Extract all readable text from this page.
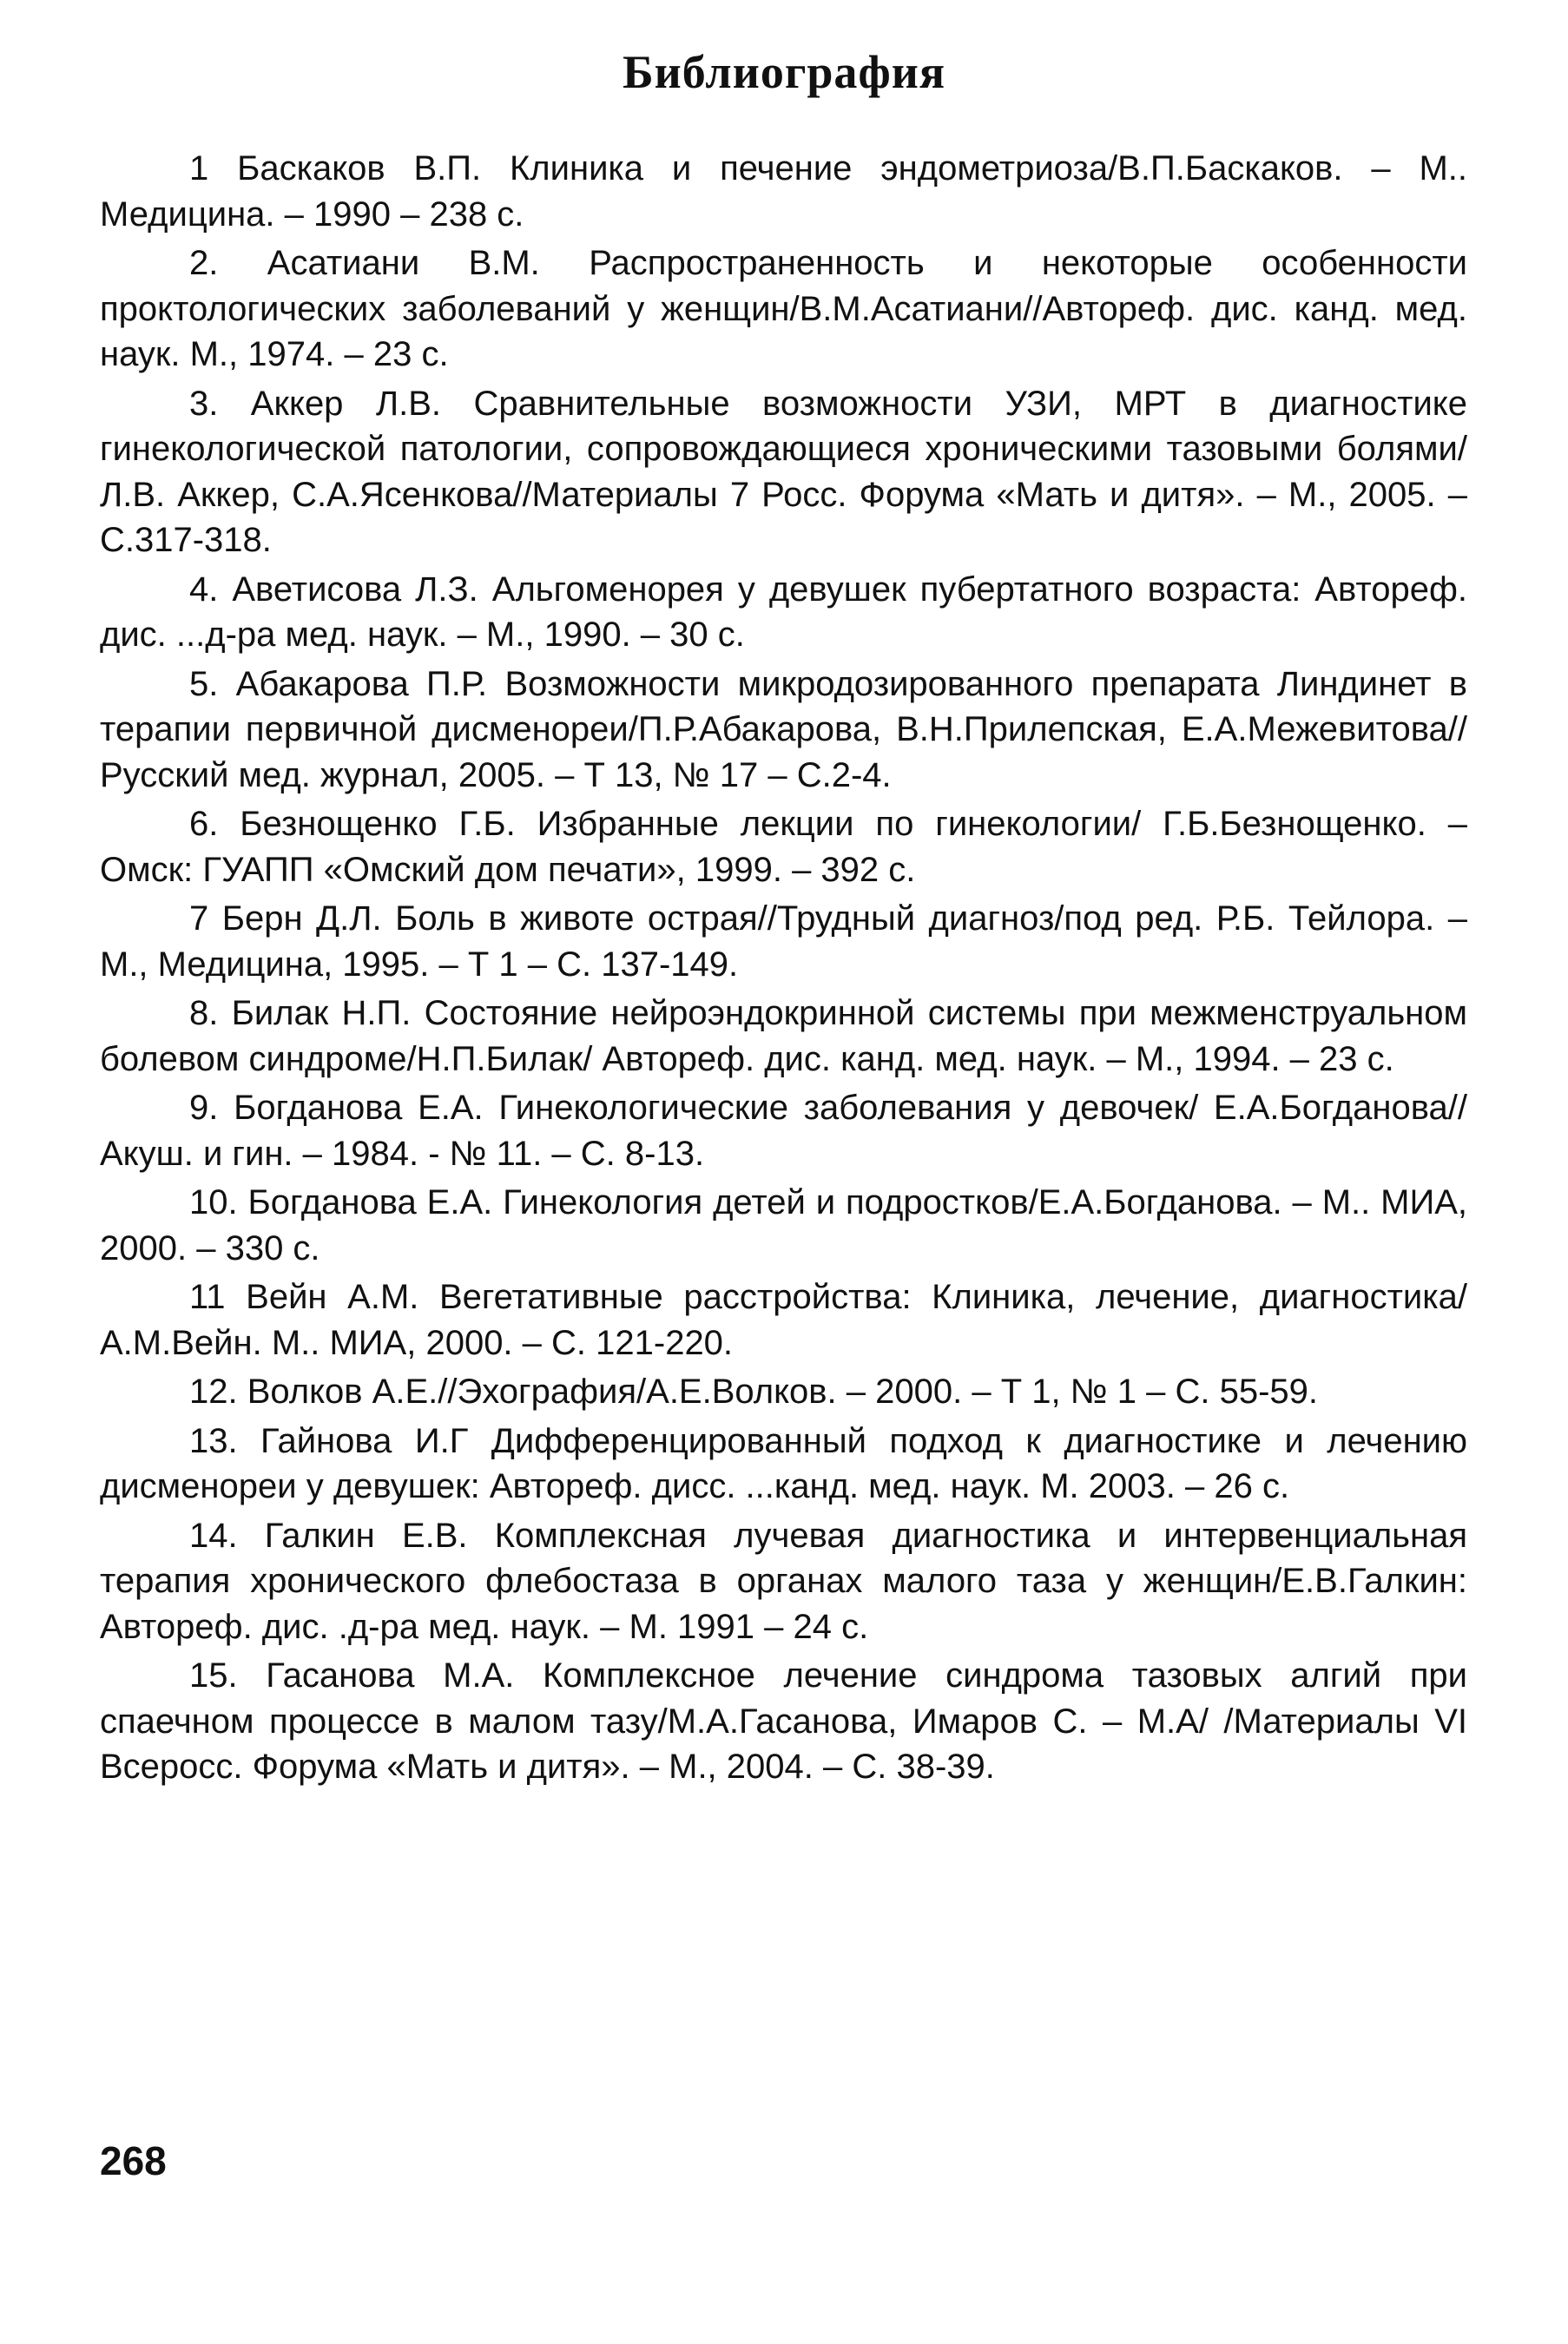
Библиография
1 Баскаков В.П. Клиника и печение эндометриоза/В.П.Баскаков. – М.. Медицина. – 1990 – 238 с.
2. Асатиани В.М. Распространенность и некоторые особенности проктологических заболеваний у женщин/В.М.Асатиани//Автореф. дис. канд. мед. наук. М., 1974. – 23 с.
3. Аккер Л.В. Сравнительные возможности УЗИ, МРТ в диагностике гинекологической патологии, сопровождающиеся хроническими тазовыми болями/Л.В. Аккер, С.А.Ясенкова//Материалы 7 Росс. Форума «Мать и дитя». – М., 2005. – С.317-318.
4. Аветисова Л.З. Альгоменорея у девушек пубертатного возраста: Автореф. дис. ...д-ра мед. наук. – М., 1990. – 30 с.
5. Абакарова П.Р. Возможности микродозированного препарата Линдинет в терапии первичной дисменореи/П.Р.Абакарова, В.Н.Прилепская, Е.А.Межевитова//Русский мед. журнал, 2005. – Т 13, № 17 – С.2-4.
6. Безнощенко Г.Б. Избранные лекции по гинекологии/ Г.Б.Безнощенко. – Омск: ГУАПП «Омский дом печати», 1999. – 392 с.
7 Берн Д.Л. Боль в животе острая//Трудный диагноз/под ред. Р.Б. Тейлора. – М., Медицина, 1995. – Т 1 – С. 137-149.
8. Билак Н.П. Состояние нейроэндокринной системы при межменструальном болевом синдроме/Н.П.Билак/ Автореф. дис. канд. мед. наук. – М., 1994. – 23 с.
9. Богданова Е.А. Гинекологические заболевания у девочек/ Е.А.Богданова//Акуш. и гин. – 1984. - № 11. – С. 8-13.
10. Богданова Е.А. Гинекология детей и подростков/Е.А.Богданова. – М.. МИА, 2000. – 330 с.
11 Вейн А.М. Вегетативные расстройства: Клиника, лечение, диагностика/А.М.Вейн. М.. МИА, 2000. – С. 121-220.
12. Волков А.Е.//Эхография/А.Е.Волков. – 2000. – Т 1, № 1 – С. 55-59.
13. Гайнова И.Г Дифференцированный подход к диагностике и лечению дисменореи у девушек: Автореф. дисс. ...канд. мед. наук. М. 2003. – 26 с.
14. Галкин Е.В. Комплексная лучевая диагностика и интервенциальная терапия хронического флебостаза в органах малого таза у женщин/Е.В.Галкин: Автореф. дис. .д-ра мед. наук. – М. 1991 – 24 с.
15. Гасанова М.А. Комплексное лечение синдрома тазовых алгий при спаечном процессе в малом тазу/М.А.Гасанова, Имаров С. – М.А/ /Материалы VI Всеросс. Форума «Мать и дитя». – М., 2004. – С. 38-39.
268
